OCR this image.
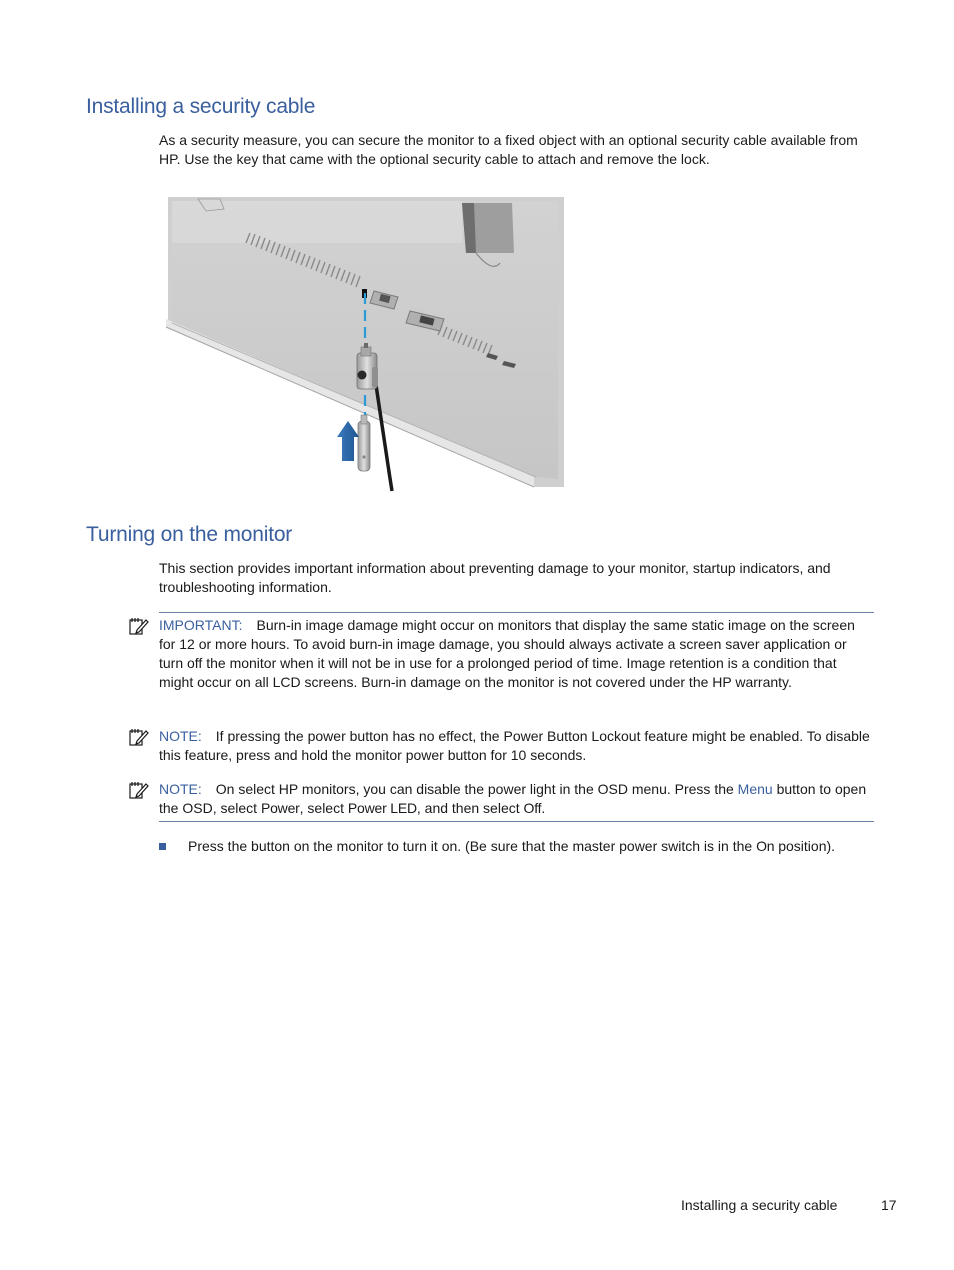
Installing a security cable

As a security measure, you can secure the monitor to a fixed object with an optional security cable available from HP. Use the key that came with the optional security cable to attach and remove the lock.

Turning on the monitor

This section provides important information about preventing damage to your monitor, startup indicators, and troubleshooting information.

IMPORTANT: Burn-in image damage might occur on monitors that display the same static image on the screen for 12 or more hours. To avoid burn-in image damage, you should always activate a screen saver application or turn off the monitor when it will not be in use for a prolonged period of time. Image retention is a condition that might occur on all LCD screens. Burn-in damage on the monitor is not covered under the HP warranty.
NOTE: If pressing the power button has no effect, the Power Button Lockout feature might be enabled. To disable this feature, press and hold the monitor power button for 10 seconds.
NOTE: On select HP monitors, you can disable the power light in the OSD menu. Press the Menu button to open the OSD, select Power, select Power LED, and then select Off.
Press the button on the monitor to turn it on. (Be sure that the master power switch is in the On position).
Installing a security cable	17
